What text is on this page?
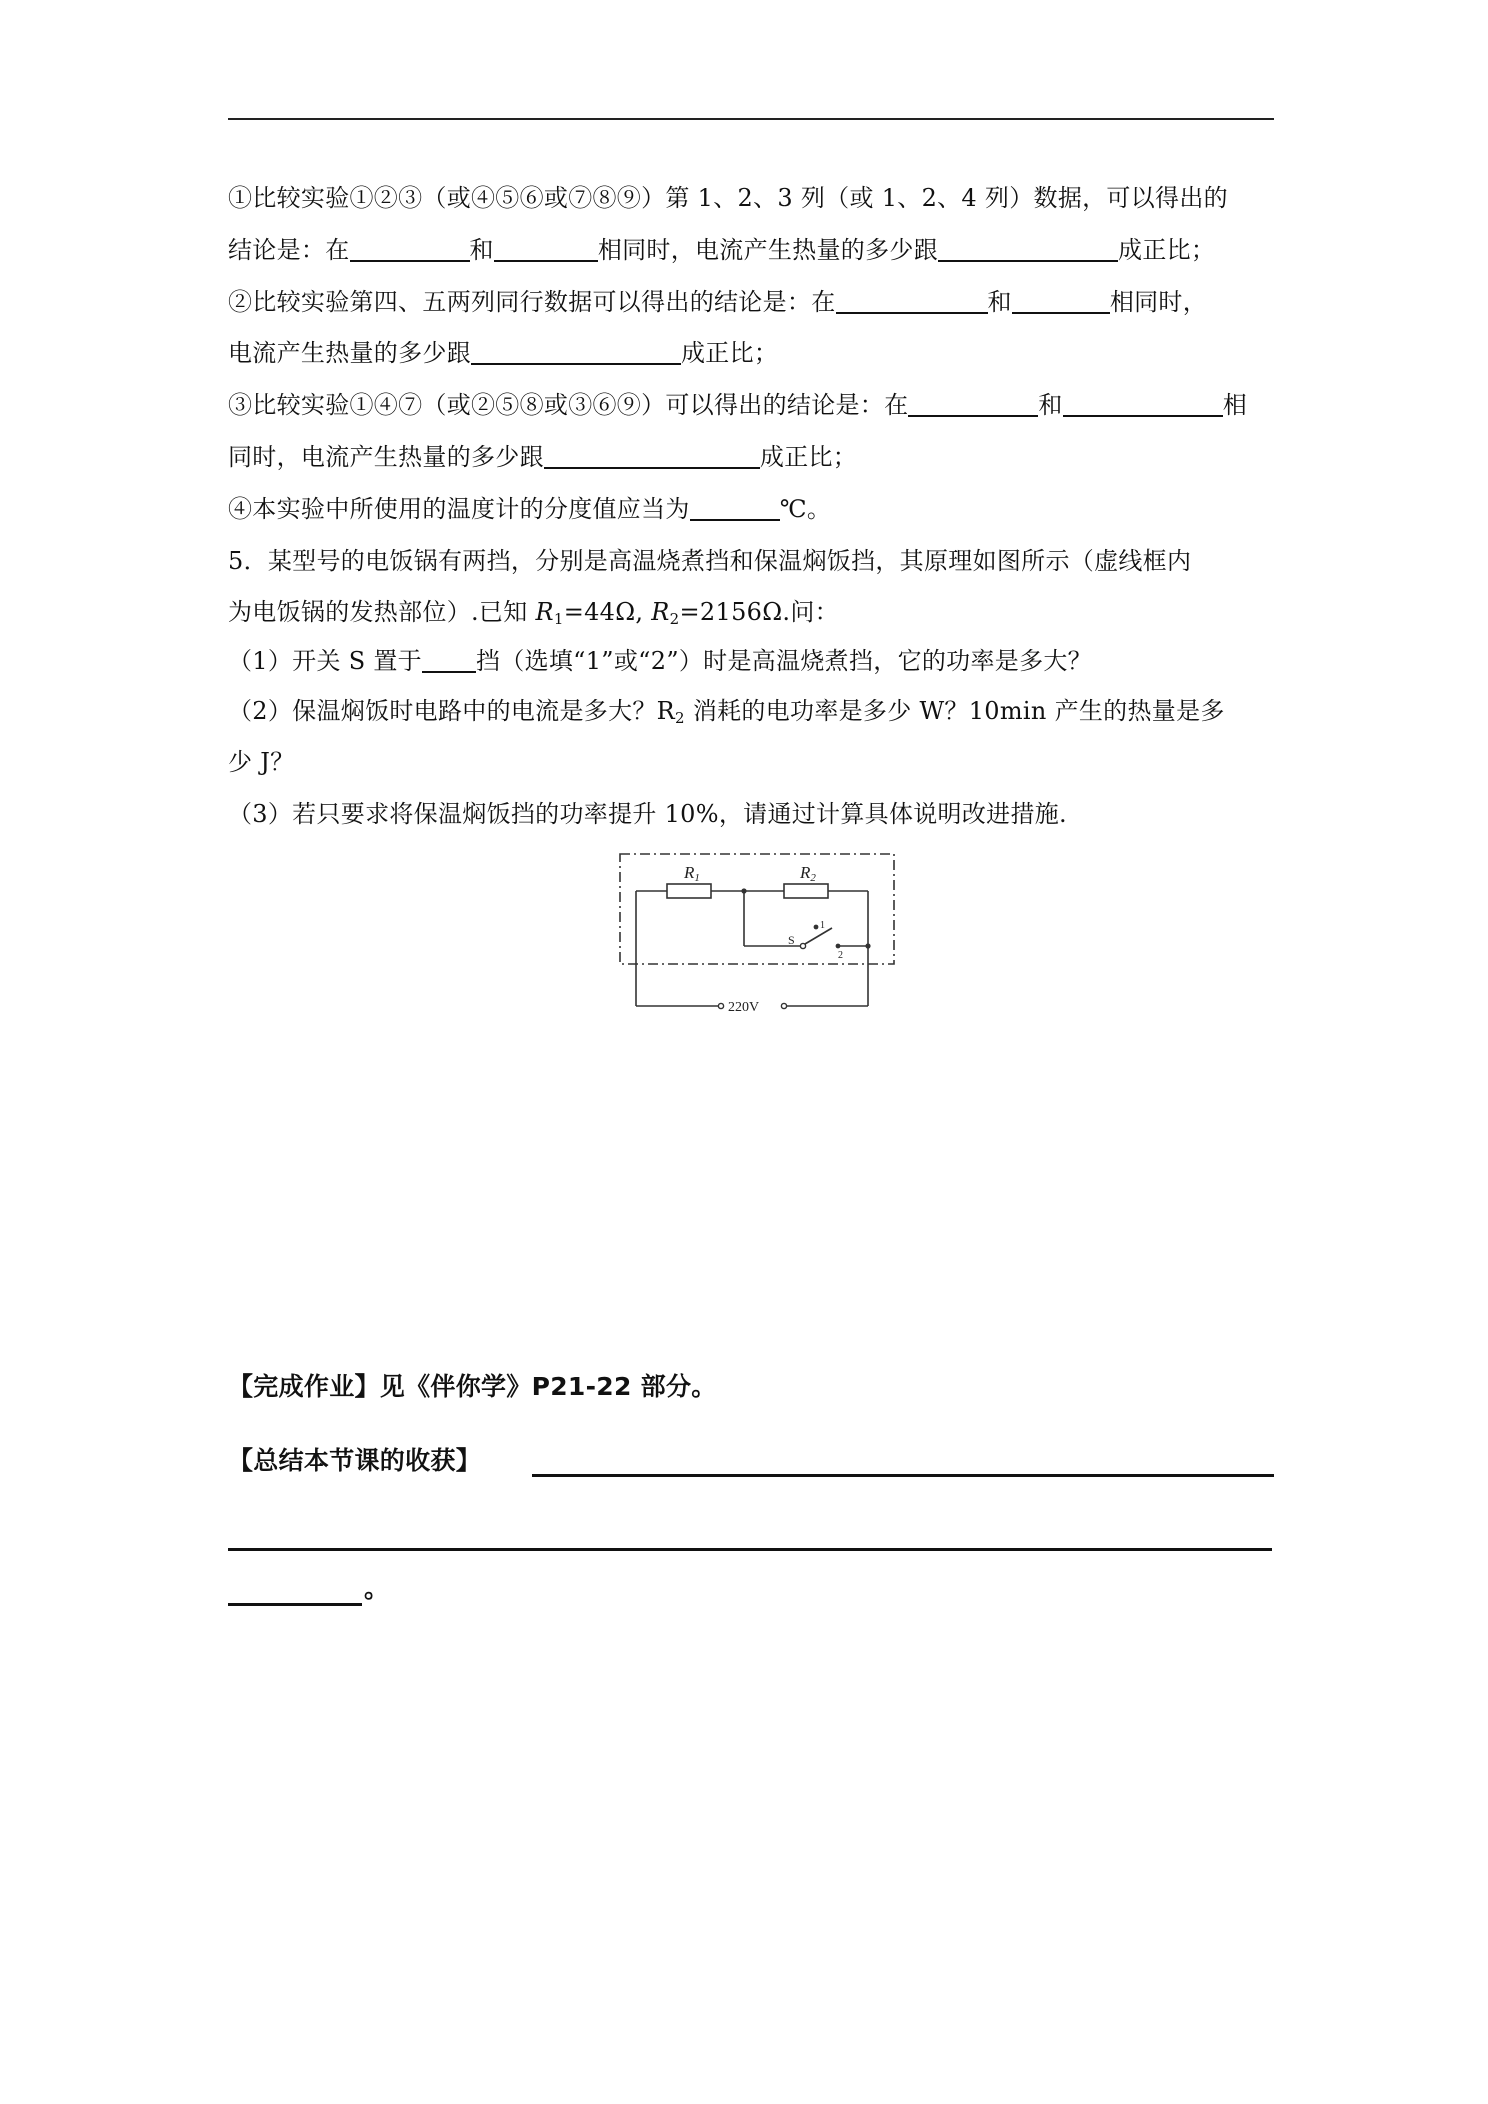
①比较实验①②③（或④⑤⑥或⑦⑧⑨）第 1、2、3 列（或 1、2、4 列）数据，可以得出的
结论是：在	和	相同时，电流产生热量的多少跟	成正比；
②比较实验第四、五两列同行数据可以得出的结论是：在	和	相同时，
电流产生热量的多少跟	成正比；
③比较实验①④⑦（或②⑤⑧或③⑥⑨）可以得出的结论是：在	和	相
同时，电流产生热量的多少跟	成正比；
④本实验中所使用的温度计的分度值应当为	℃。
5．某型号的电饭锅有两挡，分别是高温烧煮挡和保温焖饭挡，其原理如图所示（虚线框内
为电饭锅的发热部位）.已知 $R_1=44\Omega$, $R_2=2156\Omega$.问：
（1）开关 S 置于 挡（选填“1”或“2”）时是高温烧煮挡，它的功率是多大？
（2）保温焖饭时电路中的电流是多大？$R_2$ 消耗的电功率是多少 W？10min 产生的热量是多
少 J？
（3）若只要求将保温焖饭挡的功率提升 10%，请通过计算具体说明改进措施.
R1	R2
S
1
2
220V
【完成作业】见《伴你学》P21-22 部分。
【总结本节课的收获】
。
